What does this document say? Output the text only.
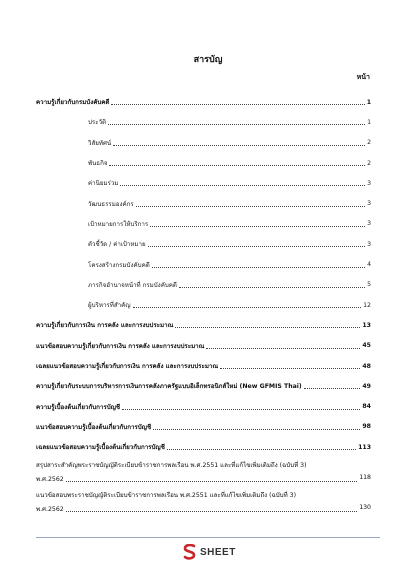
สารบัญ
หน้า
ความรู้เกี่ยวกับกรมบังคับคดี	1
ประวัติ	1
วิสัยทัศน์	2
พันธกิจ	2
ค่านิยมร่วม	3
วัฒนธรรมองค์กร	3
เป้าหมายการให้บริการ	3
ตัวชี้วัด / ค่าเป้าหมาย	3
โครงสร้างกรมบังคับคดี	4
ภารกิจอำนาจหน้าที่ กรมบังคับคดี	5
ผู้บริหารที่สำคัญ	12
ความรู้เกี่ยวกับการเงิน การคลัง และการงบประมาณ	13
แนวข้อสอบความรู้เกี่ยวกับการเงิน การคลัง และการงบประมาณ	45
เฉลยแนวข้อสอบความรู้เกี่ยวกับการเงิน การคลัง และการงบประมาณ	48
ความรู้เกี่ยวกับระบบการบริหารการเงินการคลังภาครัฐแบบอิเล็กทรอนิกส์ใหม่ (New GFMIS Thai)	49
ความรู้เบื้องต้นเกี่ยวกับการบัญชี	84
แนวข้อสอบความรู้เบื้องต้นเกี่ยวกับการบัญชี	98
เฉลยแนวข้อสอบความรู้เบื้องต้นเกี่ยวกับการบัญชี	113
สรุปสาระสำคัญพระราชบัญญัติระเบียบข้าราชการพลเรือน พ.ศ.2551 และที่แก้ไขเพิ่มเติมถึง (ฉบับที่ 3)
พ.ศ.2562	118
แนวข้อสอบพระราชบัญญัติระเบียบข้าราชการพลเรือน พ.ศ.2551 และที่แก้ไขเพิ่มเติมถึง (ฉบับที่ 3)
พ.ศ.2562	130
SHEET
